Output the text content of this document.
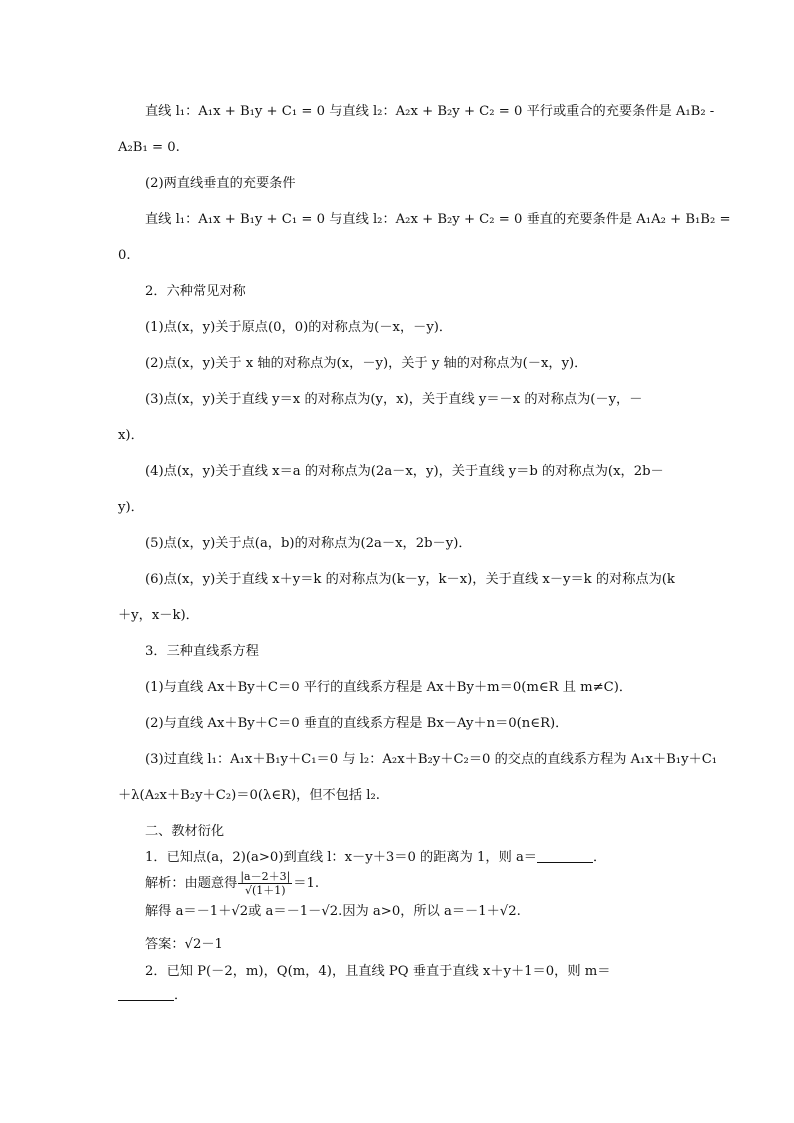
直线 l₁：A₁x + B₁y + C₁ = 0 与直线 l₂：A₂x + B₂y + C₂ = 0 平行或重合的充要条件是 A₁B₂ -
A₂B₁ = 0.
(2)两直线垂直的充要条件
直线 l₁：A₁x + B₁y + C₁ = 0 与直线 l₂：A₂x + B₂y + C₂ = 0 垂直的充要条件是 A₁A₂ + B₁B₂ =
0.
2．六种常见对称
(1)点(x，y)关于原点(0，0)的对称点为(－x，－y)．
(2)点(x，y)关于 x 轴的对称点为(x，－y)，关于 y 轴的对称点为(－x，y)．
(3)点(x，y)关于直线 y＝x 的对称点为(y，x)，关于直线 y＝－x 的对称点为(－y，－
x)．
(4)点(x，y)关于直线 x＝a 的对称点为(2a－x，y)，关于直线 y＝b 的对称点为(x，2b－
y)．
(5)点(x，y)关于点(a，b)的对称点为(2a－x，2b－y)．
(6)点(x，y)关于直线 x＋y＝k 的对称点为(k－y，k－x)，关于直线 x－y＝k 的对称点为(k
＋y，x－k)．
3．三种直线系方程
(1)与直线 Ax＋By＋C＝0 平行的直线系方程是 Ax＋By＋m＝0(m∈R 且 m≠C)．
(2)与直线 Ax＋By＋C＝0 垂直的直线系方程是 Bx－Ay＋n＝0(n∈R)．
(3)过直线 l₁：A₁x＋B₁y＋C₁＝0 与 l₂：A₂x＋B₂y＋C₂＝0 的交点的直线系方程为 A₁x＋B₁y＋C₁
＋λ(A₂x＋B₂y＋C₂)＝0(λ∈R)，但不包括 l₂.
二、教材衍化
1．已知点(a，2)(a>0)到直线 l：x－y＋3＝0 的距离为 1，则 a＝	．
解得 a＝－1＋√2或 a＝－1－√2.因为 a>0，所以 a＝－1＋√2.
答案：√2－1
2．已知 P(－2，m)，Q(m，4)，且直线 PQ 垂直于直线 x＋y＋1＝0，则 m＝
解析：由题意得 $\frac{|a-2+3|}{√(1+1)} =1$.
．
